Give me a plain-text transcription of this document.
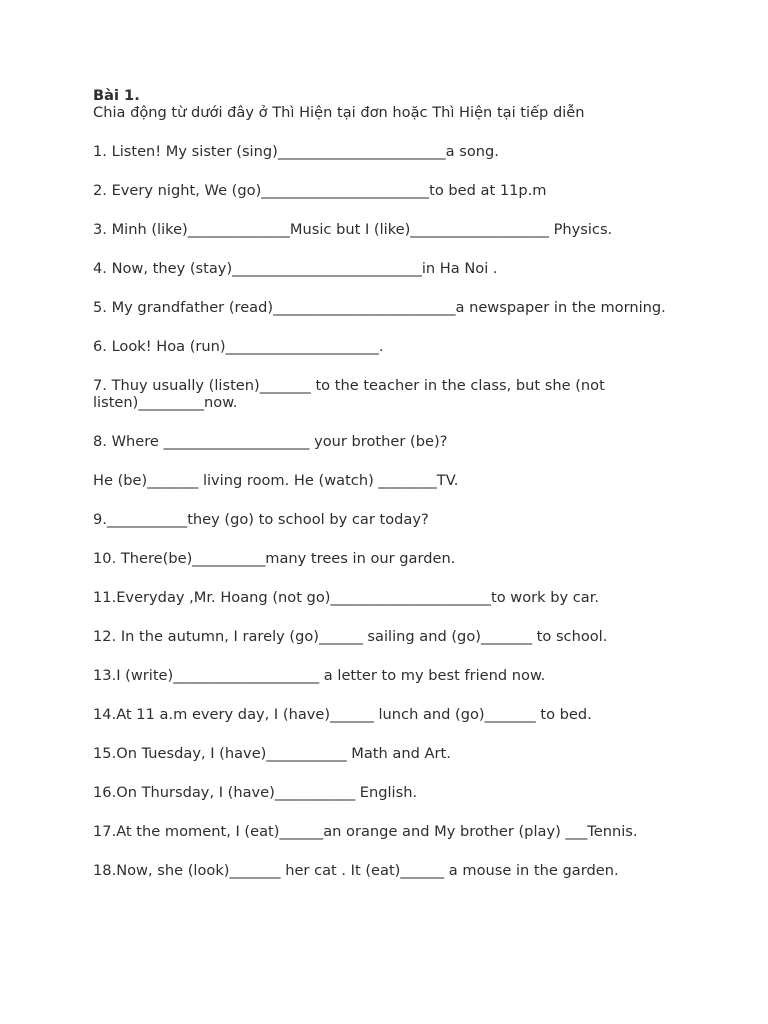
Bài 1.

Chia động từ dưới đây ở Thì Hiện tại đơn hoặc Thì Hiện tại tiếp diễn

1. Listen! My sister (sing)_______________________a song.

2. Every night, We (go)_______________________to bed at 11p.m

3. Minh (like)______________Music but I (like)___________________ Physics.

4. Now, they (stay)__________________________in Ha Noi .

5. My grandfather (read)_________________________a newspaper in the morning.

6. Look! Hoa (run)_____________________.

7. Thuy usually (listen)_______ to the teacher in the class, but she (not listen)_________now.

8. Where ____________________ your brother (be)?

He (be)_______ living room. He (watch) ________TV.

9.___________they (go) to school by car today?

10. There(be)__________many trees in our garden.

11.Everyday ,Mr. Hoang (not go)______________________to work by car.

12. In the autumn, I rarely (go)______ sailing and (go)_______ to school.

13.I (write)____________________ a letter to my best friend now.

14.At 11 a.m every day, I (have)______ lunch and (go)_______ to bed.

15.On Tuesday, I (have)___________ Math and Art.

16.On Thursday, I (have)___________ English.

17.At the moment, I (eat)______an orange and My brother (play) ___Tennis.

18.Now, she (look)_______ her cat . It (eat)______ a mouse in the garden.
